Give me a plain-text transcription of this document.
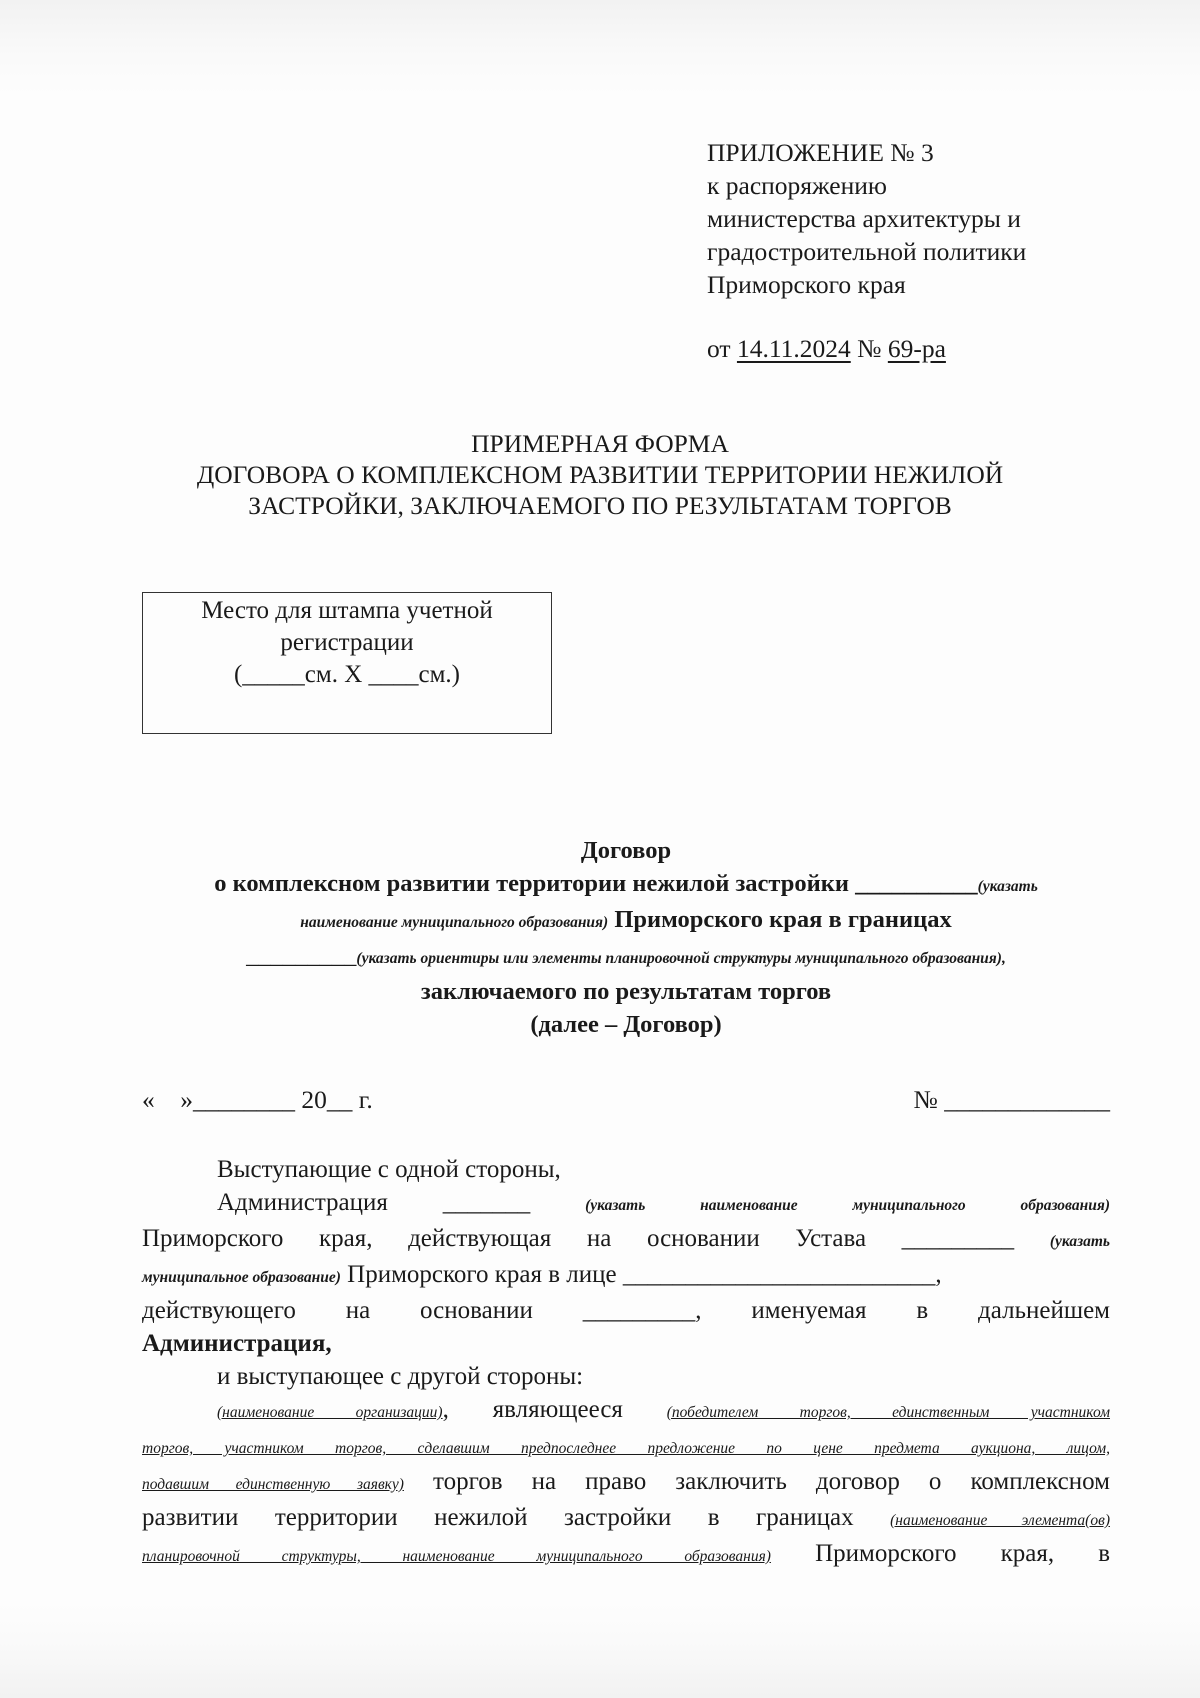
ПРИЛОЖЕНИЕ № 3
к распоряжению
министерства архитектуры и
градостроительной политики
Приморского края
от 14.11.2024 № 69-ра
ПРИМЕРНАЯ ФОРМА
ДОГОВОРА О КОМПЛЕКСНОМ РАЗВИТИИ ТЕРРИТОРИИ НЕЖИЛОЙ
ЗАСТРОЙКИ, ЗАКЛЮЧАЕМОГО ПО РЕЗУЛЬТАТАМ ТОРГОВ
Место для штампа учетной
регистрации
(_____см. Х ____см.)
Договор
о комплексном развитии территории нежилой застройки __________(указать
наименование муниципального образования) Приморского края в границах
_________(указать ориентиры или элементы планировочной структуры муниципального образования),
заключаемого по результатам торгов
(далее – Договор)
«    »________ 20__ г.	№ _____________
Выступающие с одной стороны,
Администрация _______	(указать	наименование	муниципального	образования)
Приморского края, действующая на основании Устава _________ (указать
муниципальное образование) Приморского края в лице _________________________,
действующего на основании _________, именуемая в дальнейшем
Администрация,
и выступающее с другой стороны:
(наименование организации), являющееся (победителем торгов, единственным участником
торгов, участником торгов, сделавшим предпоследнее предложение по цене предмета аукциона, лицом,
подавшим единственную заявку) торгов на право заключить договор о комплексном
развитии территории нежилой застройки в границах (наименование элемента(ов)
планировочной структуры, наименование муниципального образования) Приморского края, в
